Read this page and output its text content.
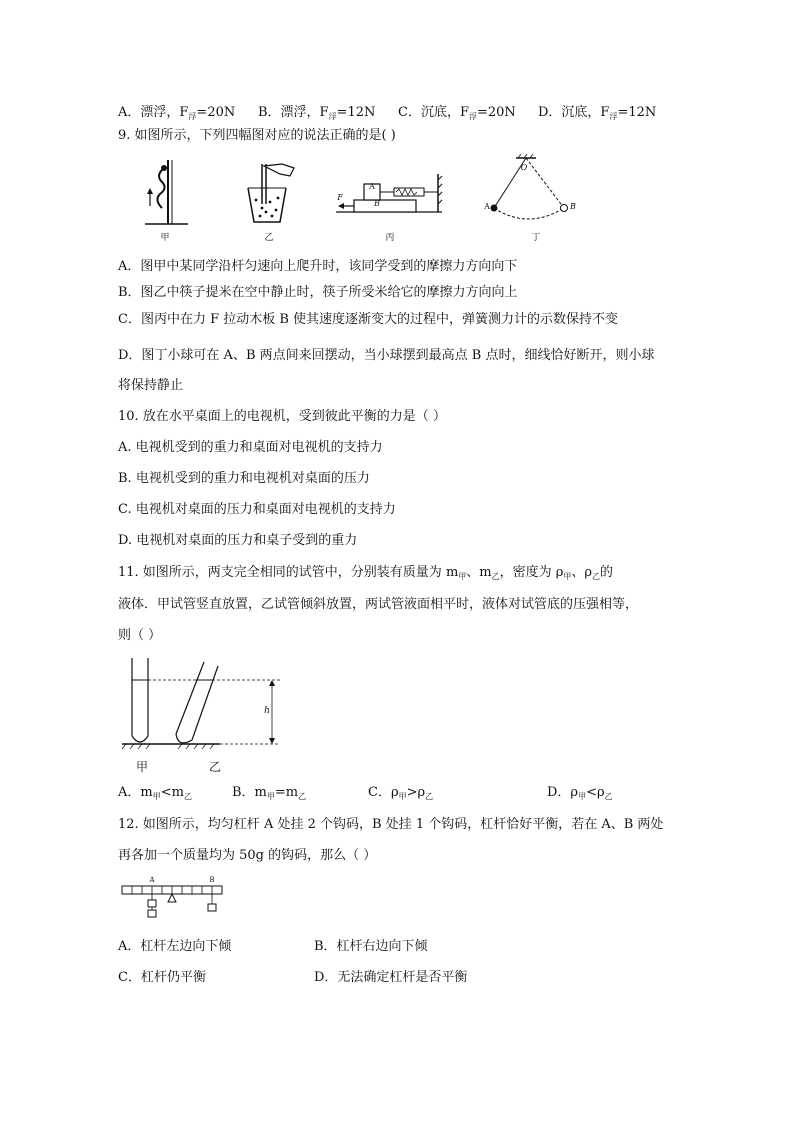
A．漂浮，$F_浮=20N$ B．漂浮，$F_浮=12N$ C．沉底，$F_浮=20N$ D．沉底，$F_浮=12N$
9. 如图所示，下列四幅图对应的说法正确的是( )
甲	乙
A
B
F
丙
O
A	B
丁
A．图甲中某同学沿杆匀速向上爬升时，该同学受到的摩擦力方向向下
B．图乙中筷子提米在空中静止时，筷子所受米给它的摩擦力方向向上
C．图丙中在力 F 拉动木板 B 使其速度逐渐变大的过程中，弹簧测力计的示数保持不变
D．图丁小球可在 A、B 两点间来回摆动，当小球摆到最高点 B 点时，细线恰好断开，则小球
将保持静止
10. 放在水平桌面上的电视机，受到彼此平衡的力是（ ）
A. 电视机受到的重力和桌面对电视机的支持力
B. 电视机受到的重力和电视机对桌面的压力
C. 电视机对桌面的压力和桌面对电视机的支持力
D. 电视机对桌面的压力和桌子受到的重力
11. 如图所示，两支完全相同的试管中，分别装有质量为 $m_甲$、$m_乙$，密度为 $\rho_甲$、$\rho_乙$的
液体．甲试管竖直放置，乙试管倾斜放置，两试管液面相平时，液体对试管底的压强相等，
则（ ）
h
甲	乙
A．$m_甲<m_乙$	B．$m_甲=m_乙$	C．$\rho_甲>\rho_乙$	D．$\rho_甲<\rho_乙$
12. 如图所示，均匀杠杆 A 处挂 2 个钩码，B 处挂 1 个钩码，杠杆恰好平衡，若在 A、B 两处
再各加一个质量均为 50g 的钩码，那么（ ）
A	B
A．杠杆左边向下倾	B．杠杆右边向下倾
C．杠杆仍平衡	D．无法确定杠杆是否平衡
